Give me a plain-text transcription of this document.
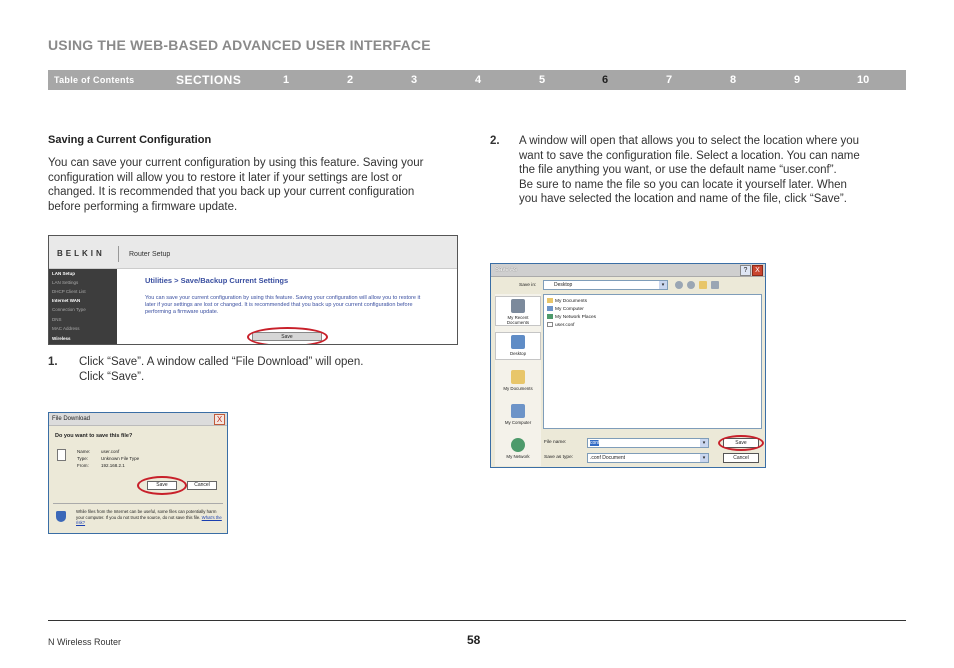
USING THE WEB-BASED ADVANCED USER INTERFACE
Table of Contents	SECTIONS	1	2	3	4	5	6	7	8	9	10
Saving a Current Configuration
You can save your current configuration by using this feature. Saving your configuration will allow you to restore it later if your settings are lost or changed. It is recommended that you back up your current configuration before performing a firmware update.
BELKIN	Router Setup
LAN Setup
LAN Settings
DHCP Client List
Internet WAN
Connection Type
DNS
MAC Address
Wireless
Utilities > Save/Backup Current Settings
You can save your current configuration by using this feature. Saving your configuration will allow you to restore it later if your settings are lost or changed. It is recommended that you back up your current configuration before performing a firmware update.
Save
1. Click “Save”. A window called “File Download” will open.
Click “Save”.
File Download	X
Do you want to save this file?
Name: user.conf
Type:	Unknown File Type
From:	192.168.2.1
Save	Cancel
While files from the Internet can be useful, some files can potentially harm your computer. If you do not trust the source, do not save this file. What's the risk?
2. A window will open that allows you to select the location where you
want to save the configuration file. Select a location. You can name
the file anything you want, or use the default name “user.conf”.
Be sure to name the file so you can locate it yourself later. When
you have selected the location and name of the file, click “Save”.
Save As	?	X
Save in:	Desktop	▾
My Recent Documents
Desktop
My Documents
My Computer
My Network
My Documents
My Computer
My Network Places
user.conf
File name:	conf	▾
Save as type:	.conf Document	▾
Save
Cancel
N Wireless Router	58
